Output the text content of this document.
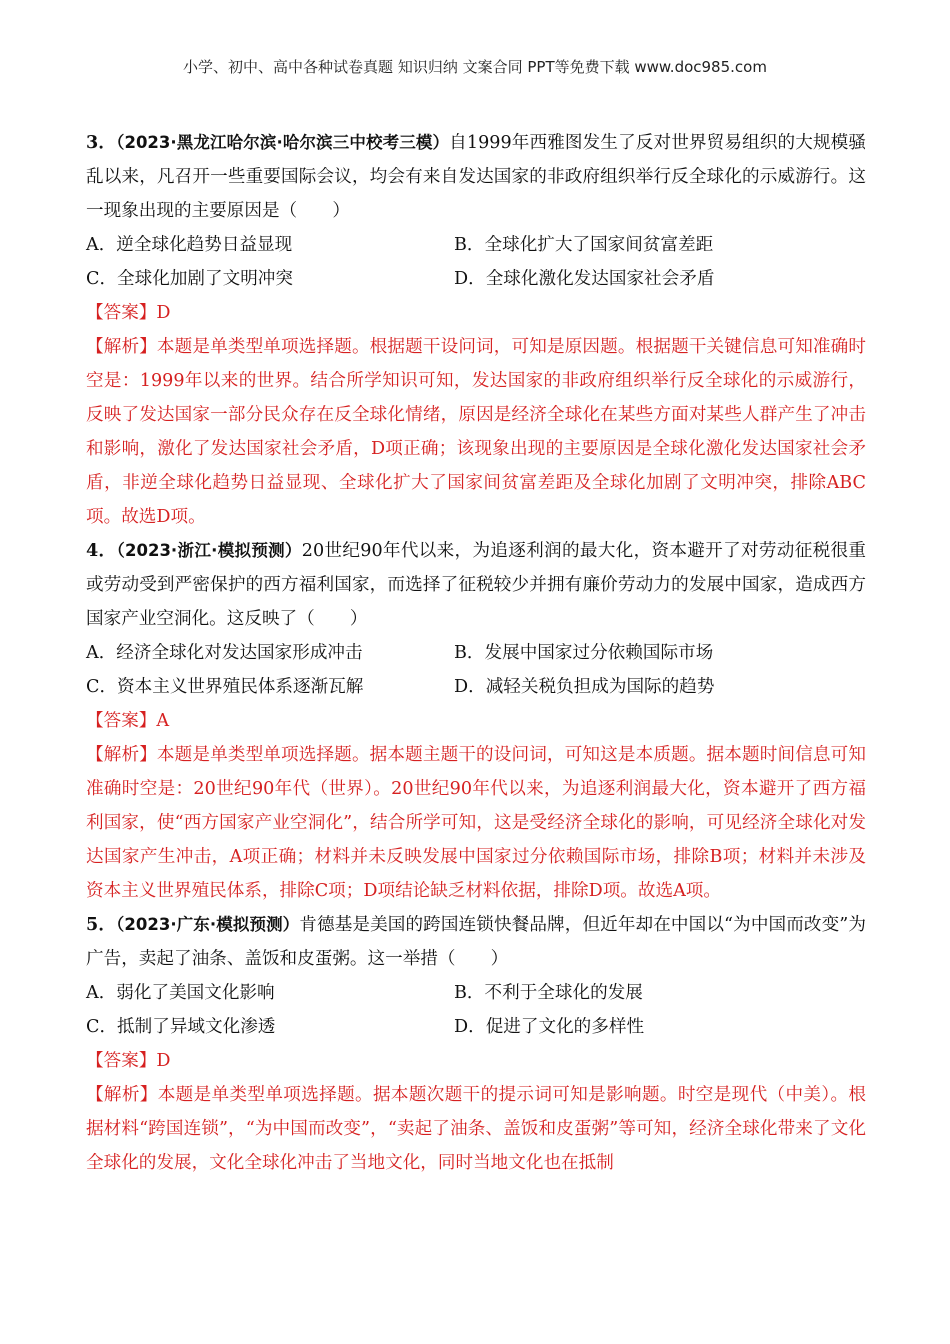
小学、初中、高中各种试卷真题 知识归纳 文案合同 PPT等免费下载 www.doc985.com

3．（2023·黑龙江哈尔滨·哈尔滨三中校考三模）自1999年西雅图发生了反对世界贸易组织的大规模骚乱以来，凡召开一些重要国际会议，均会有来自发达国家的非政府组织举行反全球化的示威游行。这一现象出现的主要原因是（　　）

A．逆全球化趋势日益显现	B．全球化扩大了国家间贫富差距
C．全球化加剧了文明冲突	D．全球化激化发达国家社会矛盾

【答案】D

【解析】本题是单类型单项选择题。根据题干设问词，可知是原因题。根据题干关键信息可知准确时空是：1999年以来的世界。结合所学知识可知，发达国家的非政府组织举行反全球化的示威游行，反映了发达国家一部分民众存在反全球化情绪，原因是经济全球化在某些方面对某些人群产生了冲击和影响，激化了发达国家社会矛盾，D项正确；该现象出现的主要原因是全球化激化发达国家社会矛盾，非逆全球化趋势日益显现、全球化扩大了国家间贫富差距及全球化加剧了文明冲突，排除ABC项。故选D项。

4．（2023·浙江·模拟预测）20世纪90年代以来，为追逐利润的最大化，资本避开了对劳动征税很重或劳动受到严密保护的西方福利国家，而选择了征税较少并拥有廉价劳动力的发展中国家，造成西方国家产业空洞化。这反映了（　　）

A．经济全球化对发达国家形成冲击	B．发展中国家过分依赖国际市场
C．资本主义世界殖民体系逐渐瓦解	D．减轻关税负担成为国际的趋势

【答案】A

【解析】本题是单类型单项选择题。据本题主题干的设问词，可知这是本质题。据本题时间信息可知准确时空是：20世纪90年代（世界）。20世纪90年代以来，为追逐利润最大化，资本避开了西方福利国家，使“西方国家产业空洞化”，结合所学可知，这是受经济全球化的影响，可见经济全球化对发达国家产生冲击，A项正确；材料并未反映发展中国家过分依赖国际市场，排除B项；材料并未涉及资本主义世界殖民体系，排除C项；D项结论缺乏材料依据，排除D项。故选A项。

5．（2023·广东·模拟预测）肯德基是美国的跨国连锁快餐品牌，但近年却在中国以“为中国而改变”为广告，卖起了油条、盖饭和皮蛋粥。这一举措（　　）

A．弱化了美国文化影响	B．不利于全球化的发展
C．抵制了异域文化渗透	D．促进了文化的多样性

【答案】D

【解析】本题是单类型单项选择题。据本题次题干的提示词可知是影响题。时空是现代（中美）。根据材料“跨国连锁”，“为中国而改变”，“卖起了油条、盖饭和皮蛋粥”等可知，经济全球化带来了文化全球化的发展，文化全球化冲击了当地文化，同时当地文化也在抵制
